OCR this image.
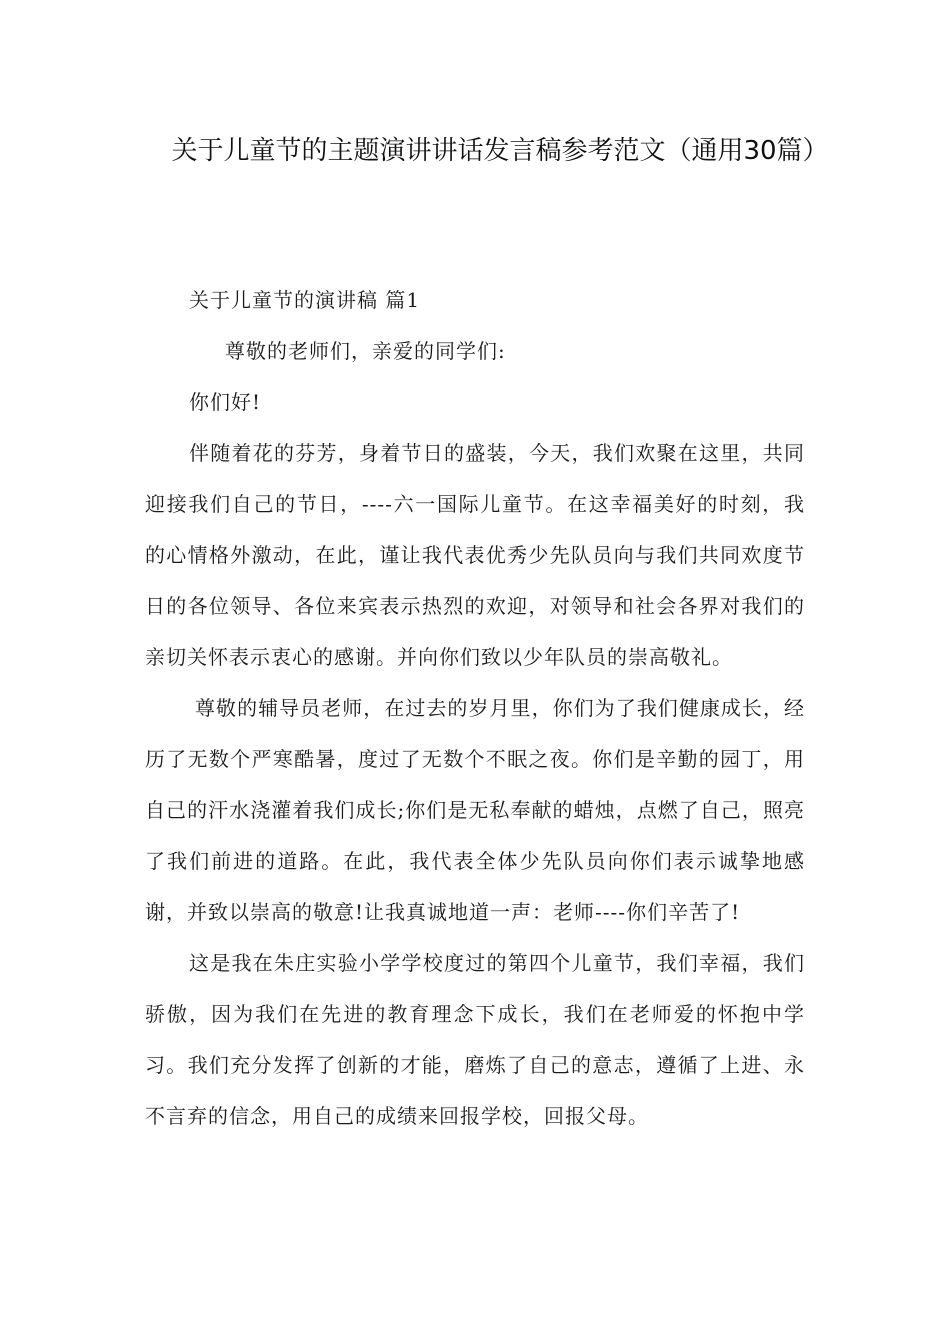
关于儿童节的主题演讲讲话发言稿参考范文（通用30篇）

关于儿童节的演讲稿 篇1

尊敬的老师们，亲爱的同学们:

你们好!

伴随着花的芬芳，身着节日的盛装，今天，我们欢聚在这里，共同迎接我们自己的节日，----六一国际儿童节。在这幸福美好的时刻，我的心情格外激动，在此，谨让我代表优秀少先队员向与我们共同欢度节日的各位领导、各位来宾表示热烈的欢迎，对领导和社会各界对我们的亲切关怀表示衷心的感谢。并向你们致以少年队员的崇高敬礼。

尊敬的辅导员老师，在过去的岁月里，你们为了我们健康成长，经历了无数个严寒酷暑，度过了无数个不眠之夜。你们是辛勤的园丁，用自己的汗水浇灌着我们成长;你们是无私奉献的蜡烛，点燃了自己，照亮了我们前进的道路。在此，我代表全体少先队员向你们表示诚挚地感谢，并致以崇高的敬意!让我真诚地道一声：老师----你们辛苦了!

这是我在朱庄实验小学学校度过的第四个儿童节，我们幸福，我们骄傲，因为我们在先进的教育理念下成长，我们在老师爱的怀抱中学习。我们充分发挥了创新的才能，磨炼了自己的意志，遵循了上进、永不言弃的信念，用自己的成绩来回报学校，回报父母。
